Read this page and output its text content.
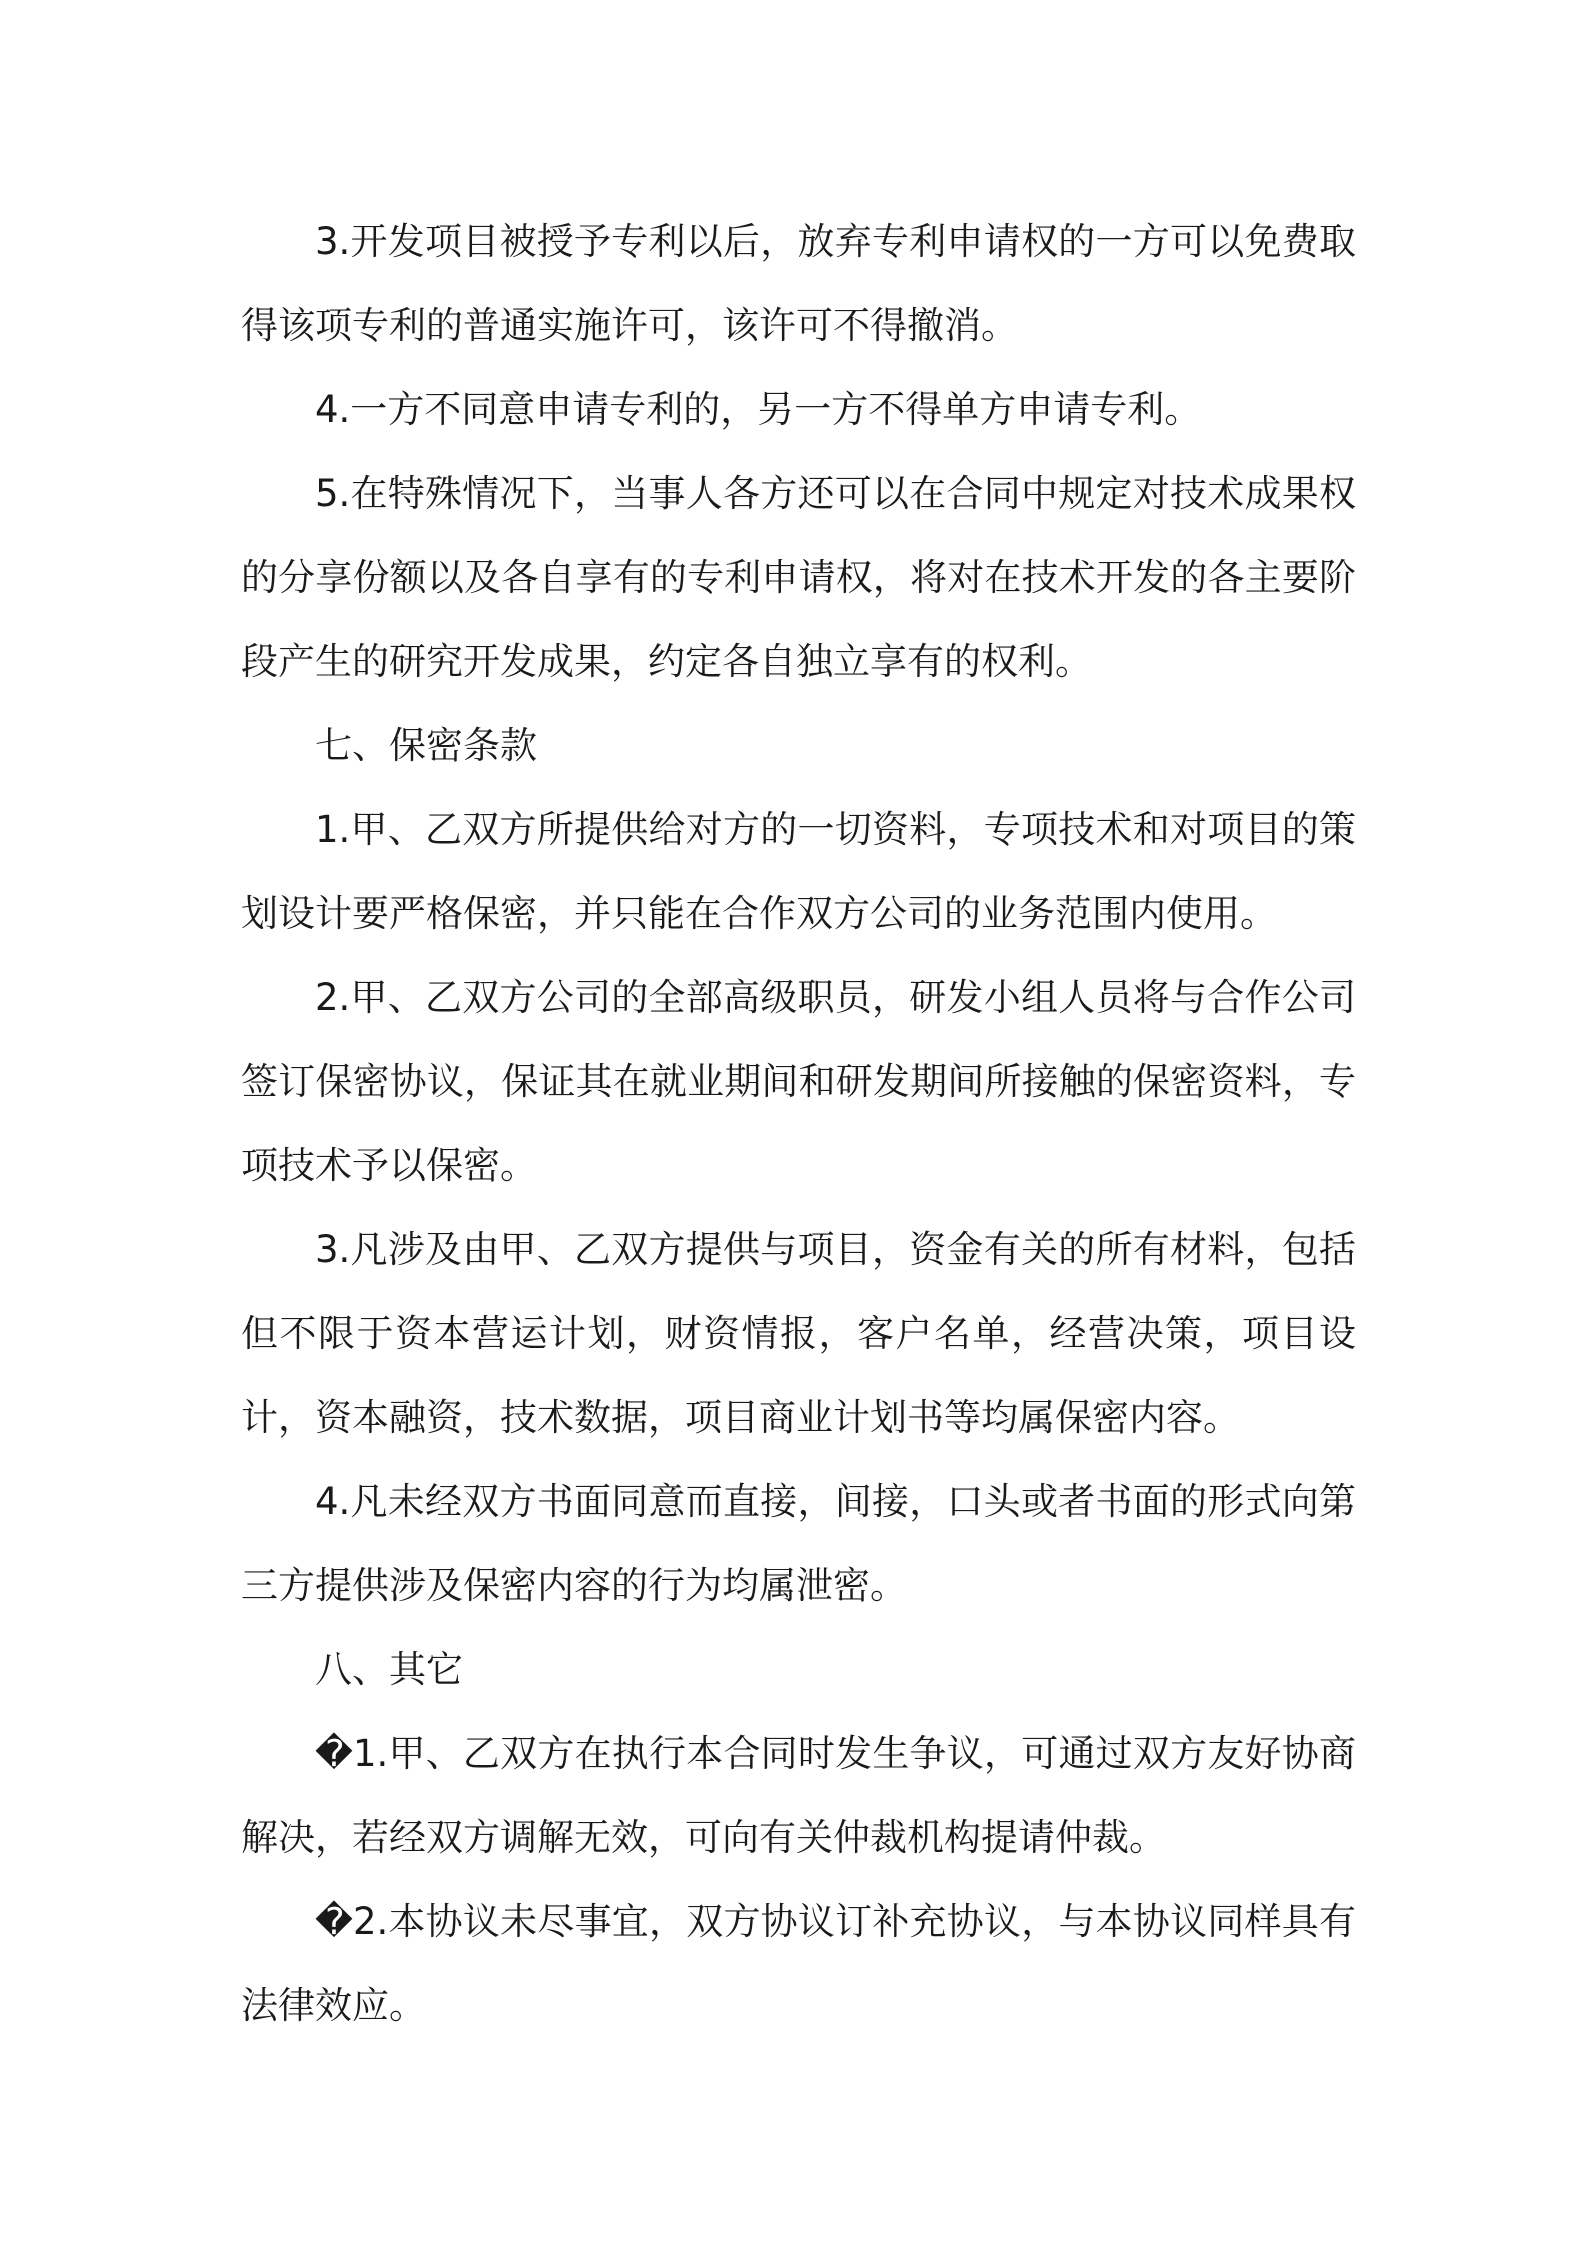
3.开发项目被授予专利以后，放弃专利申请权的一方可以免费取得该项专利的普通实施许可，该许可不得撤消。

4.一方不同意申请专利的，另一方不得单方申请专利。

5.在特殊情况下，当事人各方还可以在合同中规定对技术成果权的分享份额以及各自享有的专利申请权，将对在技术开发的各主要阶段产生的研究开发成果，约定各自独立享有的权利。

七、保密条款

1.甲、乙双方所提供给对方的一切资料，专项技术和对项目的策划设计要严格保密，并只能在合作双方公司的业务范围内使用。

2.甲、乙双方公司的全部高级职员，研发小组人员将与合作公司签订保密协议，保证其在就业期间和研发期间所接触的保密资料，专项技术予以保密。

3.凡涉及由甲、乙双方提供与项目，资金有关的所有材料，包括但不限于资本营运计划，财资情报，客户名单，经营决策，项目设计，资本融资，技术数据，项目商业计划书等均属保密内容。

4.凡未经双方书面同意而直接，间接，口头或者书面的形式向第三方提供涉及保密内容的行为均属泄密。

八、其它

�1.甲、乙双方在执行本合同时发生争议，可通过双方友好协商解决，若经双方调解无效，可向有关仲裁机构提请仲裁。

�2.本协议未尽事宜，双方协议订补充协议，与本协议同样具有法律效应。
